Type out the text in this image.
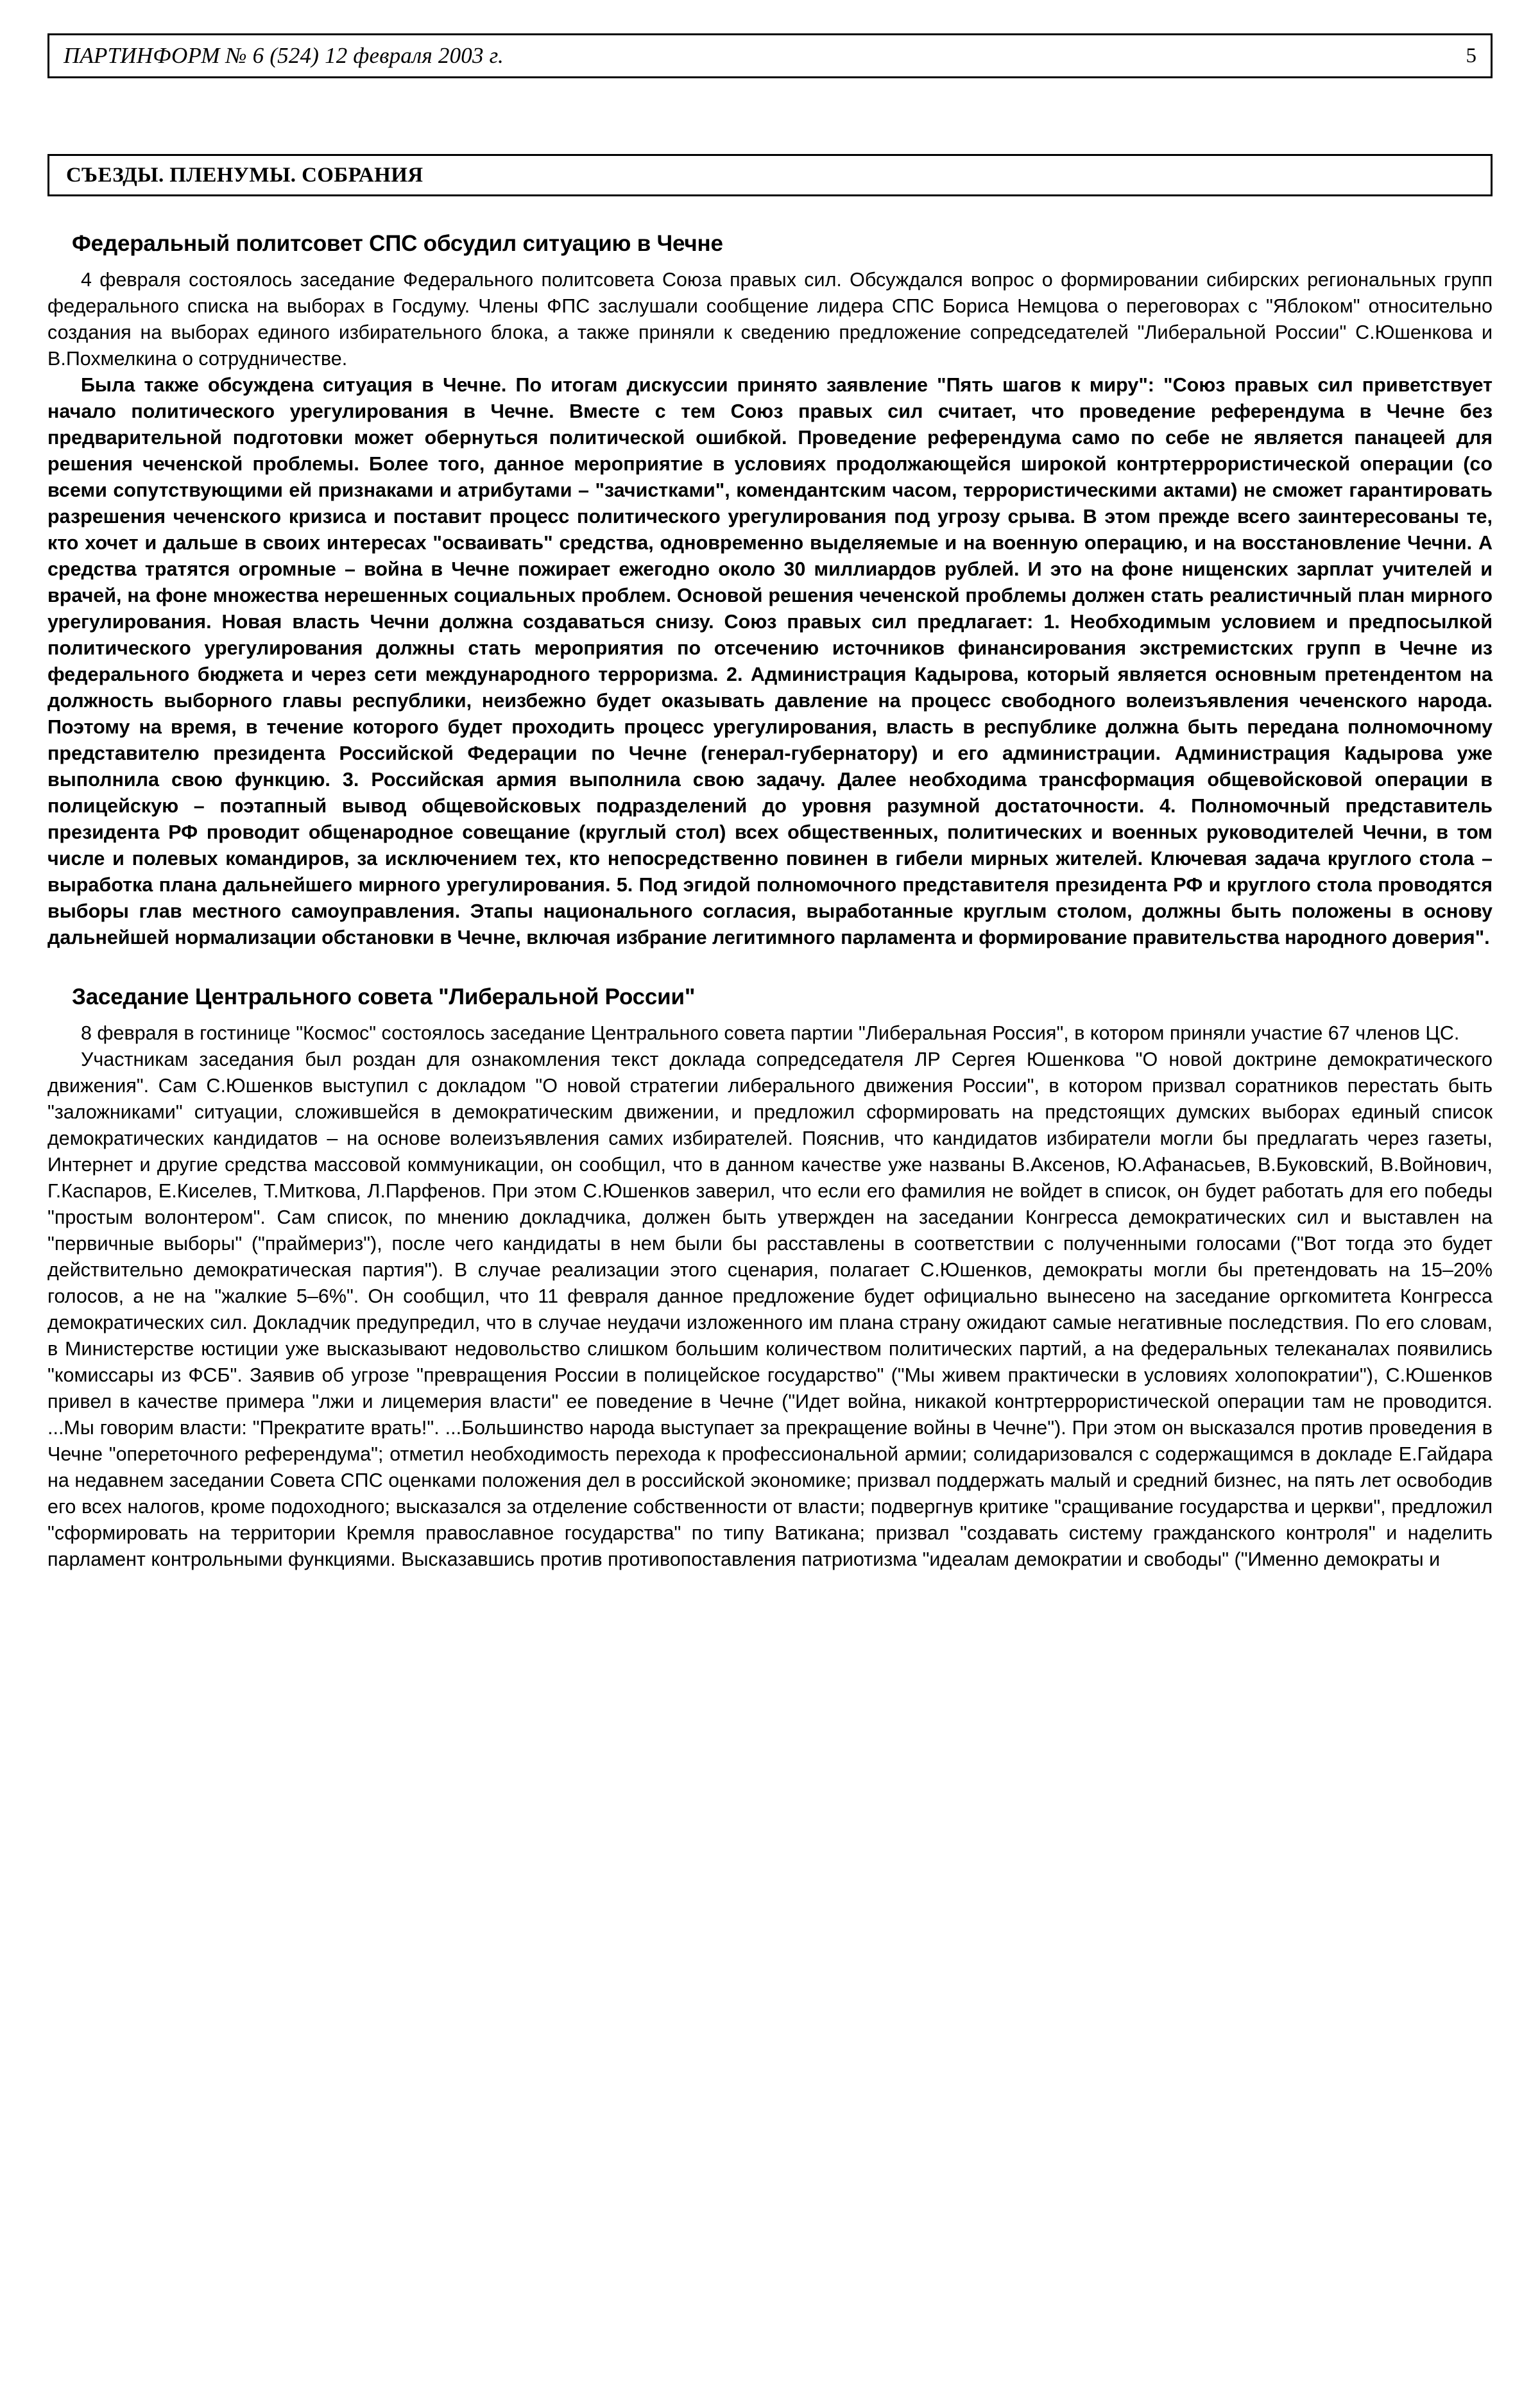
ПАРТИНФОРМ № 6 (524) 12 февраля 2003 г.	5
СЪЕЗДЫ. ПЛЕНУМЫ. СОБРАНИЯ
Федеральный политсовет СПС обсудил ситуацию в Чечне

4 февраля состоялось заседание Федерального политсовета Союза правых сил. Обсуждался вопрос о формировании сибирских региональных групп федерального списка на выборах в Госдуму. Члены ФПС заслушали сообщение лидера СПС Бориса Немцова о переговорах с "Яблоком" относительно создания на выборах единого избирательного блока, а также приняли к сведению предложение сопредседателей "Либеральной России" С.Юшенкова и В.Похмелкина о сотрудничестве.

Была также обсуждена ситуация в Чечне. По итогам дискуссии принято заявление "Пять шагов к миру": "Союз правых сил приветствует начало политического урегулирования в Чечне. Вместе с тем Союз правых сил считает, что проведение референдума в Чечне без предварительной подготовки может обернуться политической ошибкой. Проведение референдума само по себе не является панацеей для решения чеченской проблемы. Более того, данное мероприятие в условиях продолжающейся широкой контртеррористической операции (со всеми сопутствующими ей признаками и атрибутами – "зачистками", комендантским часом, террористическими актами) не сможет гарантировать разрешения чеченского кризиса и поставит процесс политического урегулирования под угрозу срыва. В этом прежде всего заинтересованы те, кто хочет и дальше в своих интересах "осваивать" средства, одновременно выделяемые и на военную операцию, и на восстановление Чечни. А средства тратятся огромные – война в Чечне пожирает ежегодно около 30 миллиардов рублей. И это на фоне нищенских зарплат учителей и врачей, на фоне множества нерешенных социальных проблем. Основой решения чеченской проблемы должен стать реалистичный план мирного урегулирования. Новая власть Чечни должна создаваться снизу. Союз правых сил предлагает: 1. Необходимым условием и предпосылкой политического урегулирования должны стать мероприятия по отсечению источников финансирования экстремистских групп в Чечне из федерального бюджета и через сети международного терроризма. 2. Администрация Кадырова, который является основным претендентом на должность выборного главы республики, неизбежно будет оказывать давление на процесс свободного волеизъявления чеченского народа. Поэтому на время, в течение которого будет проходить процесс урегулирования, власть в республике должна быть передана полномочному представителю президента Российской Федерации по Чечне (генерал-губернатору) и его администрации. Администрация Кадырова уже выполнила свою функцию. 3. Российская армия выполнила свою задачу. Далее необходима трансформация общевойсковой операции в полицейскую – поэтапный вывод общевойсковых подразделений до уровня разумной достаточности. 4. Полномочный представитель президента РФ проводит общенародное совещание (круглый стол) всех общественных, политических и военных руководителей Чечни, в том числе и полевых командиров, за исключением тех, кто непосредственно повинен в гибели мирных жителей. Ключевая задача круглого стола – выработка плана дальнейшего мирного урегулирования. 5. Под эгидой полномочного представителя президента РФ и круглого стола проводятся выборы глав местного самоуправления. Этапы национального согласия, выработанные круглым столом, должны быть положены в основу дальнейшей нормализации обстановки в Чечне, включая избрание легитимного парламента и формирование правительства народного доверия".

Заседание Центрального совета "Либеральной России"

8 февраля в гостинице "Космос" состоялось заседание Центрального совета партии "Либеральная Россия", в котором приняли участие 67 членов ЦС.

Участникам заседания был роздан для ознакомления текст доклада сопредседателя ЛР Сергея Юшенкова "О новой доктрине демократического движения". Сам С.Юшенков выступил с докладом "О новой стратегии либерального движения России", в котором призвал соратников перестать быть "заложниками" ситуации, сложившейся в демократическим движении, и предложил сформировать на предстоящих думских выборах единый список демократических кандидатов – на основе волеизъявления самих избирателей. Пояснив, что кандидатов избиратели могли бы предлагать через газеты, Интернет и другие средства массовой коммуникации, он сообщил, что в данном качестве уже названы В.Аксенов, Ю.Афанасьев, В.Буковский, В.Войнович, Г.Каспаров, Е.Киселев, Т.Миткова, Л.Парфенов. При этом С.Юшенков заверил, что если его фамилия не войдет в список, он будет работать для его победы "простым волонтером". Сам список, по мнению докладчика, должен быть утвержден на заседании Конгресса демократических сил и выставлен на "первичные выборы" ("праймериз"), после чего кандидаты в нем были бы расставлены в соответствии с полученными голосами ("Вот тогда это будет действительно демократическая партия"). В случае реализации этого сценария, полагает С.Юшенков, демократы могли бы претендовать на 15–20% голосов, а не на "жалкие 5–6%". Он сообщил, что 11 февраля данное предложение будет официально вынесено на заседание оргкомитета Конгресса демократических сил. Докладчик предупредил, что в случае неудачи изложенного им плана страну ожидают самые негативные последствия. По его словам, в Министерстве юстиции уже высказывают недовольство слишком большим количеством политических партий, а на федеральных телеканалах появились "комиссары из ФСБ". Заявив об угрозе "превращения России в полицейское государство" ("Мы живем практически в условиях холопократии"), С.Юшенков привел в качестве примера "лжи и лицемерия власти" ее поведение в Чечне ("Идет война, никакой контртеррористической операции там не проводится. ...Мы говорим власти: "Прекратите врать!". ...Большинство народа выступает за прекращение войны в Чечне"). При этом он высказался против проведения в Чечне "опереточного референдума"; отметил необходимость перехода к профессиональной армии; солидаризовался с содержащимся в докладе Е.Гайдара на недавнем заседании Совета СПС оценками положения дел в российской экономике; призвал поддержать малый и средний бизнес, на пять лет освободив его всех налогов, кроме подоходного; высказался за отделение собственности от власти; подвергнув критике "сращивание государства и церкви", предложил "сформировать на территории Кремля православное государства" по типу Ватикана; призвал "создавать систему гражданского контроля" и наделить парламент контрольными функциями. Высказавшись против противопоставления патриотизма "идеалам демократии и свободы" ("Именно демократы и
